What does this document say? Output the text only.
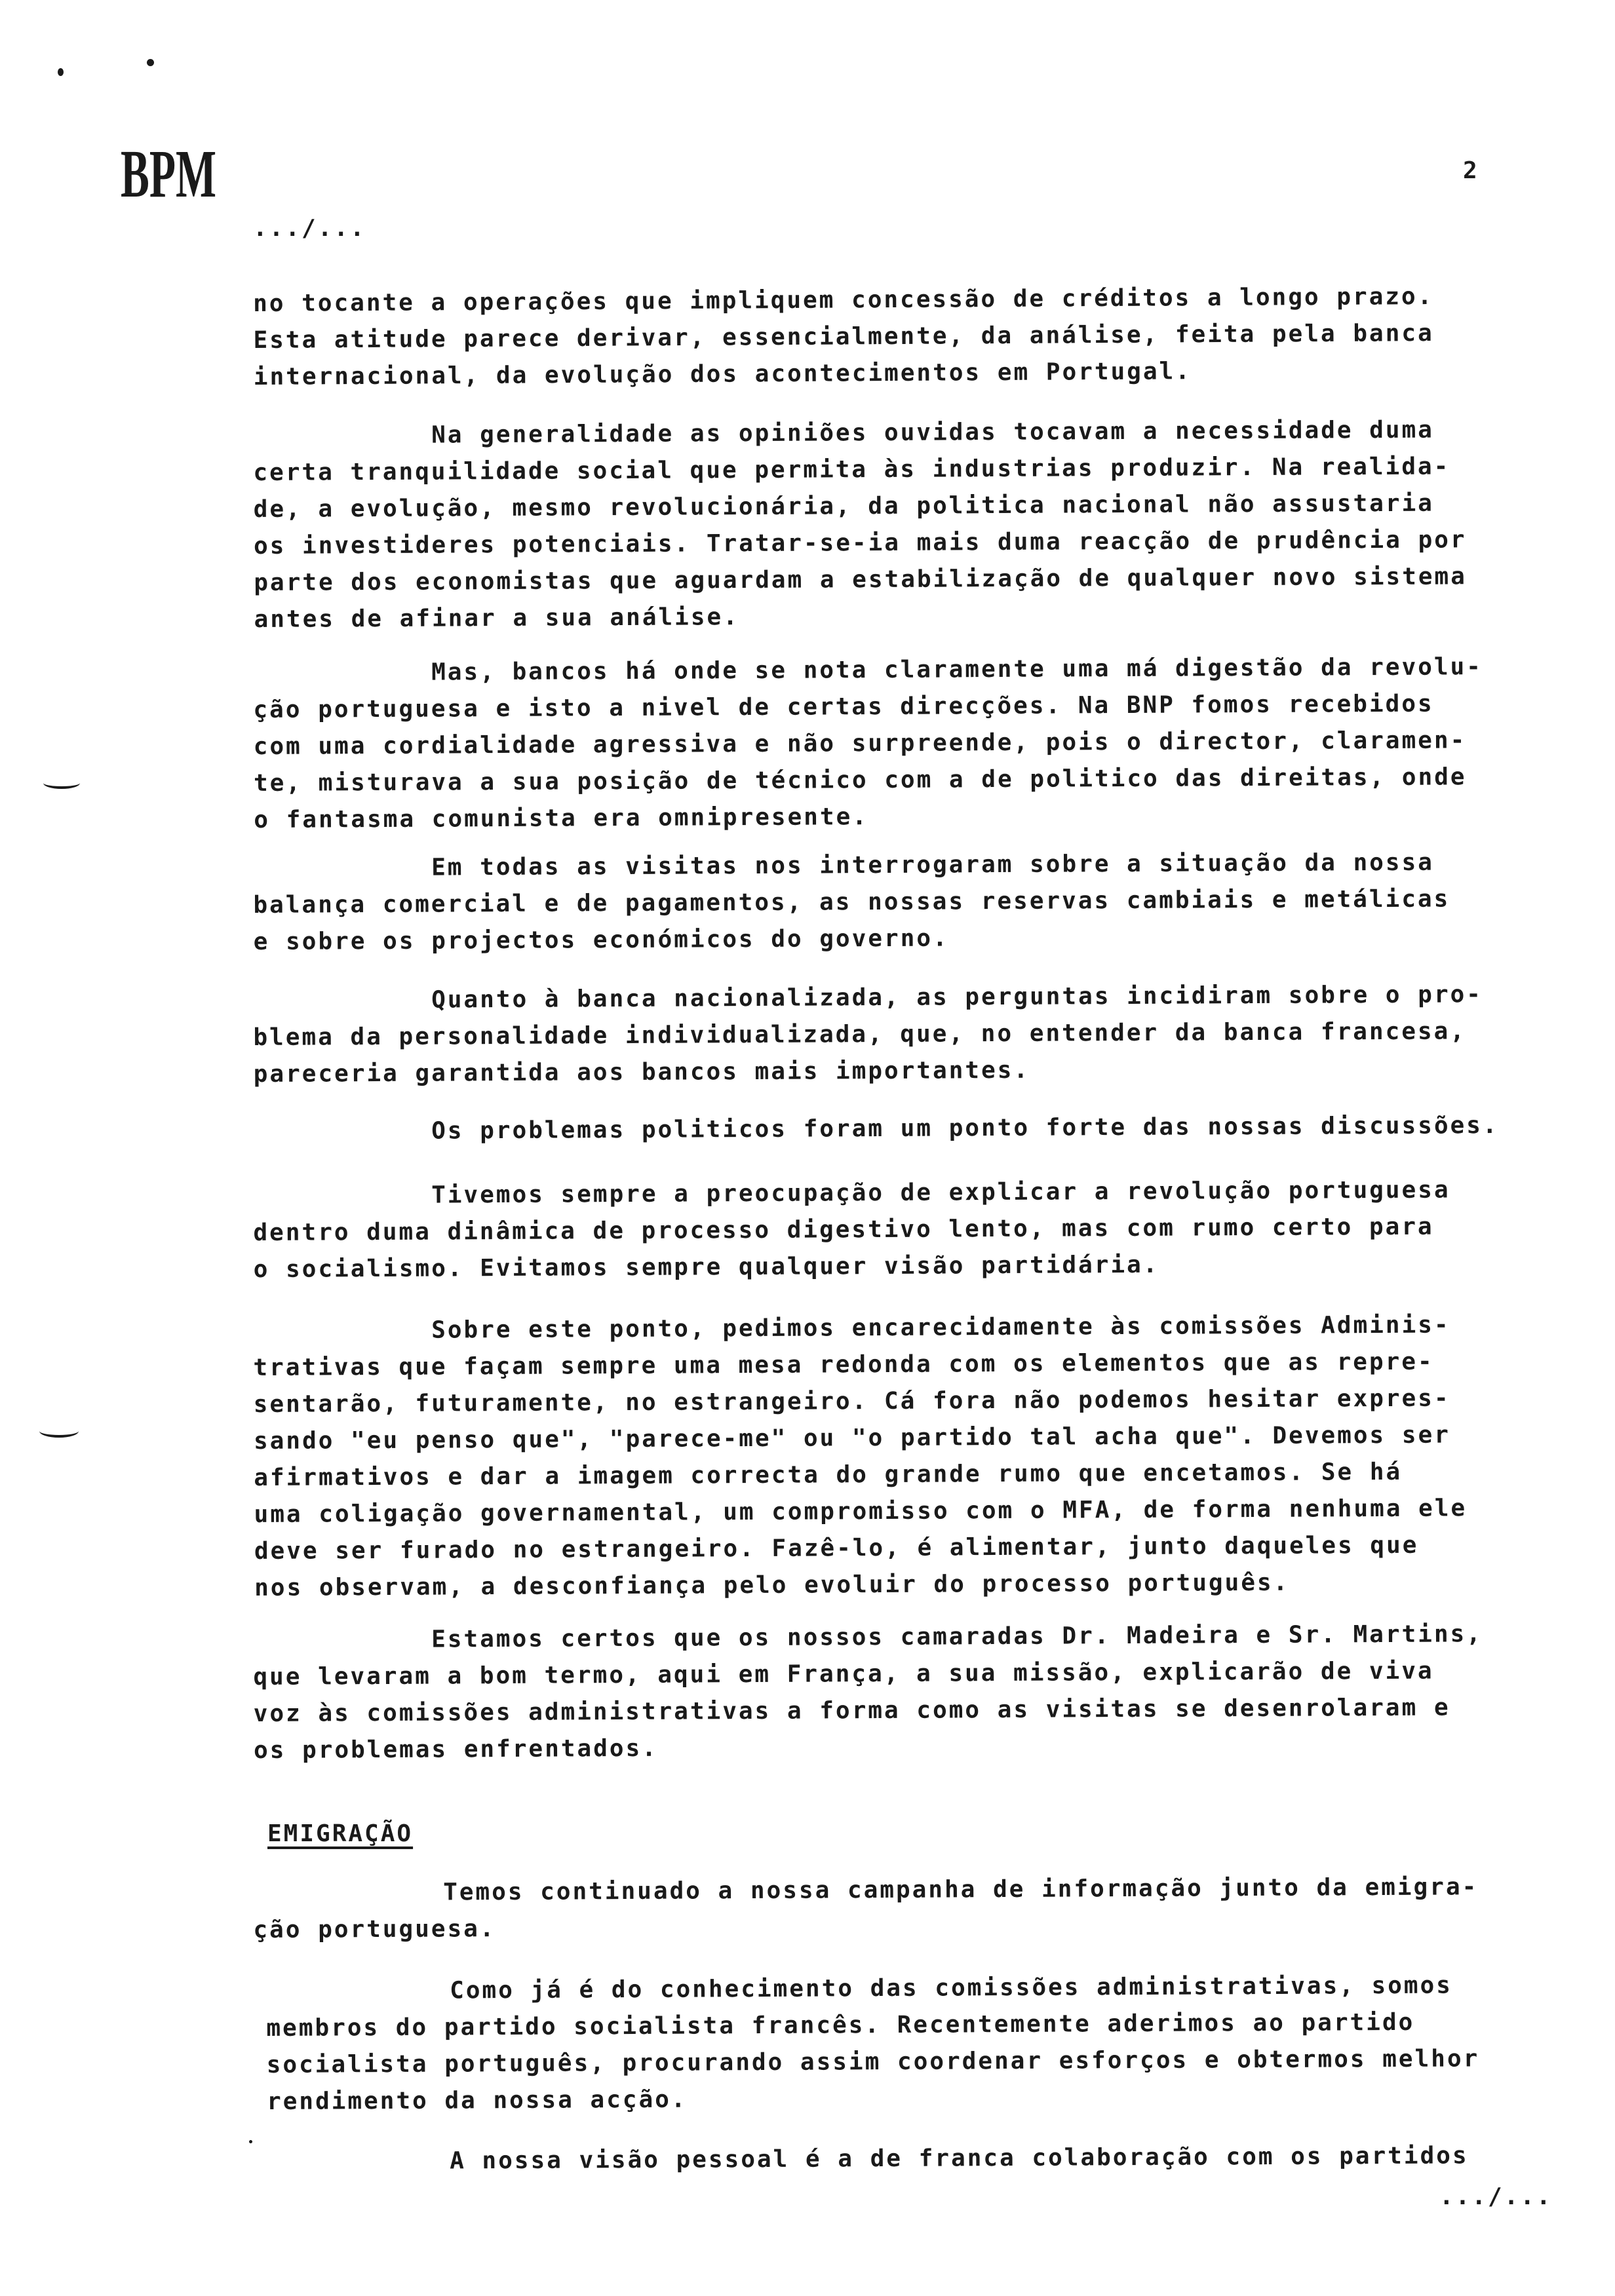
BPM	2
.../...
no tocante a operações que impliquem concessão de créditos a longo prazo.
Esta atitude parece derivar, essencialmente, da análise, feita pela banca
internacional, da evolução dos acontecimentos em Portugal.
Na generalidade as opiniões ouvidas tocavam a necessidade duma
certa tranquilidade social que permita às industrias produzir. Na realida-
de, a evolução, mesmo revolucionária, da politica nacional não assustaria
os investideres potenciais. Tratar-se-ia mais duma reacção de prudência por
parte dos economistas que aguardam a estabilização de qualquer novo sistema
antes de afinar a sua análise.
Mas, bancos há onde se nota claramente uma má digestão da revolu-
ção portuguesa e isto a nivel de certas direcções. Na BNP fomos recebidos
com uma cordialidade agressiva e não surpreende, pois o director, claramen-
te, misturava a sua posição de técnico com a de politico das direitas, onde
o fantasma comunista era omnipresente.
Em todas as visitas nos interrogaram sobre a situação da nossa
balança comercial e de pagamentos, as nossas reservas cambiais e metálicas
e sobre os projectos económicos do governo.
Quanto à banca nacionalizada, as perguntas incidiram sobre o pro-
blema da personalidade individualizada, que, no entender da banca francesa,
pareceria garantida aos bancos mais importantes.
Os problemas politicos foram um ponto forte das nossas discussões.
Tivemos sempre a preocupação de explicar a revolução portuguesa
dentro duma dinâmica de processo digestivo lento, mas com rumo certo para
o socialismo. Evitamos sempre qualquer visão partidária.
Sobre este ponto, pedimos encarecidamente às comissões Adminis-
trativas que façam sempre uma mesa redonda com os elementos que as repre-
sentarão, futuramente, no estrangeiro. Cá fora não podemos hesitar expres-
sando "eu penso que", "parece-me" ou "o partido tal acha que". Devemos ser
afirmativos e dar a imagem correcta do grande rumo que encetamos. Se há
uma coligação governamental, um compromisso com o MFA, de forma nenhuma ele
deve ser furado no estrangeiro. Fazê-lo, é alimentar, junto daqueles que
nos observam, a desconfiança pelo evoluir do processo português.
Estamos certos que os nossos camaradas Dr. Madeira e Sr. Martins,
que levaram a bom termo, aqui em França, a sua missão, explicarão de viva
voz às comissões administrativas a forma como as visitas se desenrolaram e
os problemas enfrentados.
EMIGRAÇÃO
Temos continuado a nossa campanha de informação junto da emigra-
ção portuguesa.
Como já é do conhecimento das comissões administrativas, somos
membros do partido socialista francês. Recentemente aderimos ao partido
socialista português, procurando assim coordenar esforços e obtermos melhor
rendimento da nossa acção.
A nossa visão pessoal é a de franca colaboração com os partidos
.../...
